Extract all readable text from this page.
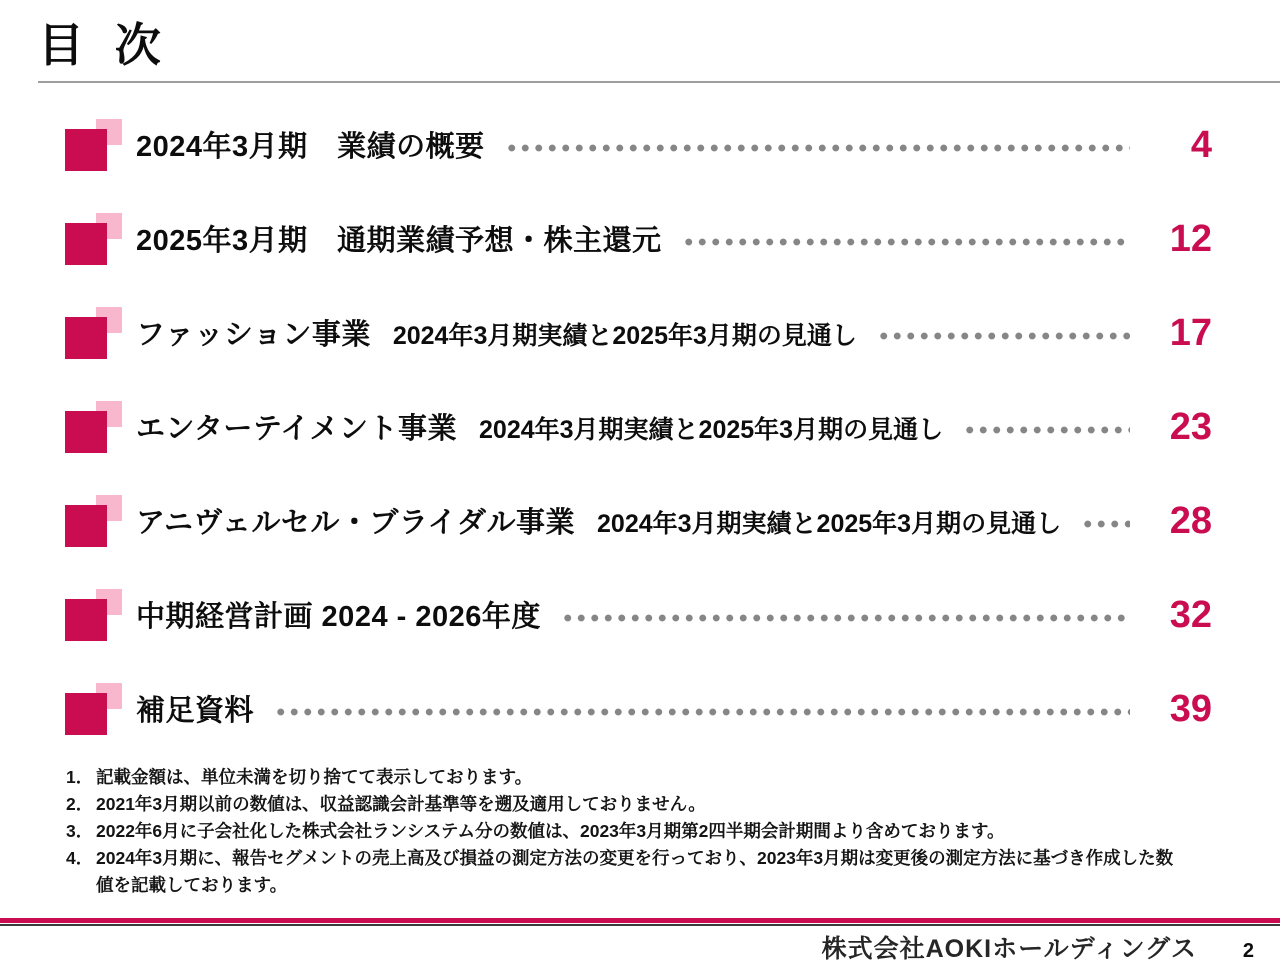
目 次
2024年3月期　業績の概要	4
2025年3月期　通期業績予想・株主還元	12
ファッション事業 2024年3月期実績と2025年3月期の見通し	17
エンターテイメント事業 2024年3月期実績と2025年3月期の見通し	23
アニヴェルセル・ブライダル事業 2024年3月期実績と2025年3月期の見通し	28
中期経営計画 2024 - 2026年度	32
補足資料	39
1． 記載金額は、単位未満を切り捨てて表示しております。
2． 2021年3月期以前の数値は、収益認識会計基準等を遡及適用しておりません。
3． 2022年6月に子会社化した株式会社ランシステム分の数値は、2023年3月期第2四半期会計期間より含めております。
4． 2024年3月期に、報告セグメントの売上高及び損益の測定方法の変更を行っており、2023年3月期は変更後の測定方法に基づき作成した数値を記載しております。
株式会社AOKIホールディングス 2
